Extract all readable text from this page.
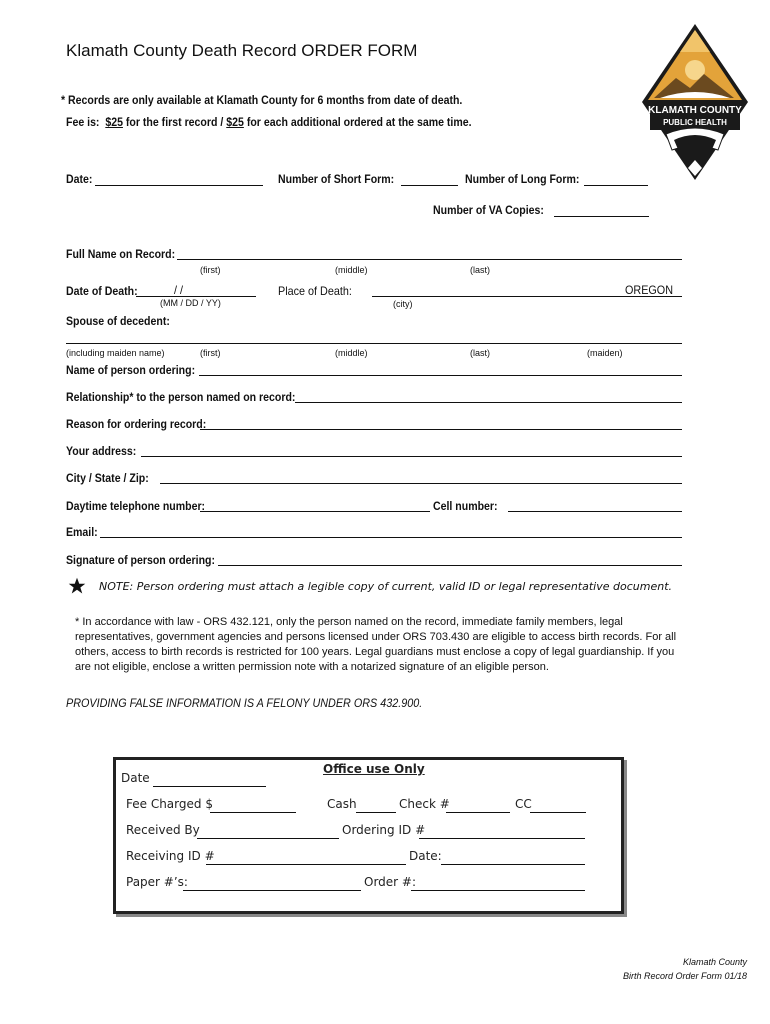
Klamath County Death Record ORDER FORM
KLAMATH COUNTY
PUBLIC HEALTH
* Records are only available at Klamath County for 6 months from date of death.
Fee is: $25 for the first record / $25 for each additional ordered at the same time.
Date:	Number of Short Form:	Number of Long Form:
Number of VA Copies:
Full Name on Record:
(first)	(middle)	(last)
Date of Death:	/ /
(MM / DD / YY)
Place of Death:	OREGON
(city)
Spouse of decedent:
(including maiden name)	(first)	(middle)	(last)	(maiden)
Name of person ordering:
Relationship* to the person named on record:
Reason for ordering record:
Your address:
City / State / Zip:
Daytime telephone number:	Cell number:
Email:
Signature of person ordering:
NOTE: Person ordering must attach a legible copy of current, valid ID or legal representative document.
* In accordance with law - ORS 432.121, only the person named on the record, immediate family members, legal representatives, government agencies and persons licensed under ORS 703.430 are eligible to access birth records. For all others, access to birth records is restricted for 100 years. Legal guardians must enclose a copy of legal guardianship. If you are not eligible, enclose a written permission note with a notarized signature of an eligible person.
PROVIDING FALSE INFORMATION IS A FELONY UNDER ORS 432.900.
Office use Only
Date
Fee Charged $	Cash	Check #	CC
Received By	Ordering ID #
Receiving ID #	Date:
Paper #’s:	Order #:
Klamath County
Birth Record Order Form 01/18
